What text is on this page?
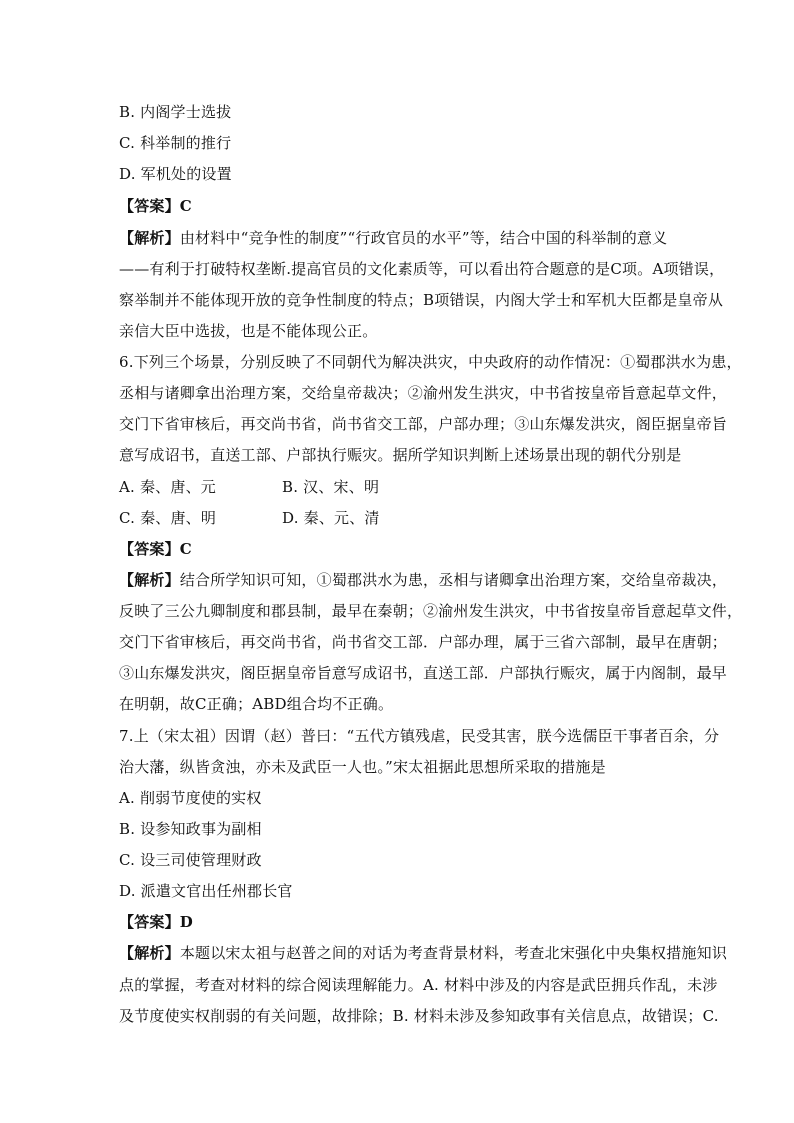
B. 内阁学士选拔
C. 科举制的推行
D. 军机处的设置
【答案】C
【解析】由材料中“竞争性的制度”“行政官员的水平”等，结合中国的科举制的意义
——有利于打破特权垄断.提高官员的文化素质等，可以看出符合题意的是C项。A项错误，
察举制并不能体现开放的竞争性制度的特点；B项错误，内阁大学士和军机大臣都是皇帝从
亲信大臣中选拔，也是不能体现公正。
6.下列三个场景，分别反映了不同朝代为解决洪灾，中央政府的动作情况：①蜀郡洪水为患，
丞相与诸卿拿出治理方案，交给皇帝裁决；②渝州发生洪灾，中书省按皇帝旨意起草文件，
交门下省审核后，再交尚书省，尚书省交工部，户部办理；③山东爆发洪灾，阁臣据皇帝旨
意写成诏书，直送工部、户部执行赈灾。据所学知识判断上述场景出现的朝代分别是
A. 秦、唐、元	B. 汉、宋、明
C. 秦、唐、明	D. 秦、元、清
【答案】C
【解析】结合所学知识可知，①蜀郡洪水为患，丞相与诸卿拿出治理方案，交给皇帝裁决，
反映了三公九卿制度和郡县制，最早在秦朝；②渝州发生洪灾，中书省按皇帝旨意起草文件，
交门下省审核后，再交尚书省，尚书省交工部．户部办理，属于三省六部制，最早在唐朝；
③山东爆发洪灾，阁臣据皇帝旨意写成诏书，直送工部．户部执行赈灾，属于内阁制，最早
在明朝，故C正确；ABD组合均不正确。
7.上（宋太祖）因谓（赵）普曰：“五代方镇残虐，民受其害，朕今选儒臣干事者百余，分
治大藩，纵皆贪浊，亦未及武臣一人也。”宋太祖据此思想所采取的措施是
A. 削弱节度使的实权
B. 设参知政事为副相
C. 设三司使管理财政
D. 派遣文官出任州郡长官
【答案】D
【解析】本题以宋太祖与赵普之间的对话为考查背景材料，考查北宋强化中央集权措施知识
点的掌握，考查对材料的综合阅读理解能力。A. 材料中涉及的内容是武臣拥兵作乱，未涉
及节度使实权削弱的有关问题，故排除；B. 材料未涉及参知政事有关信息点，故错误；C.
